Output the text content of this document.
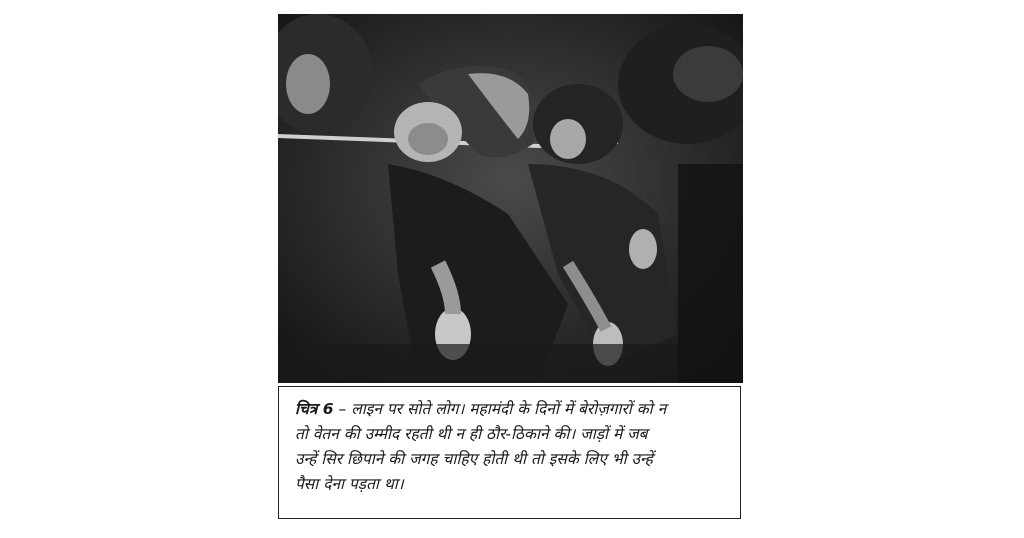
चित्र 6 – लाइन पर सोते लोग। महामंदी के दिनों में बेरोज़गारों को न
तो वेतन की उम्मीद रहती थी न ही ठौर-ठिकाने की। जाड़ों में जब
उन्हें सिर छिपाने की जगह चाहिए होती थी तो इसके लिए भी उन्हें
पैसा देना पड़ता था।
